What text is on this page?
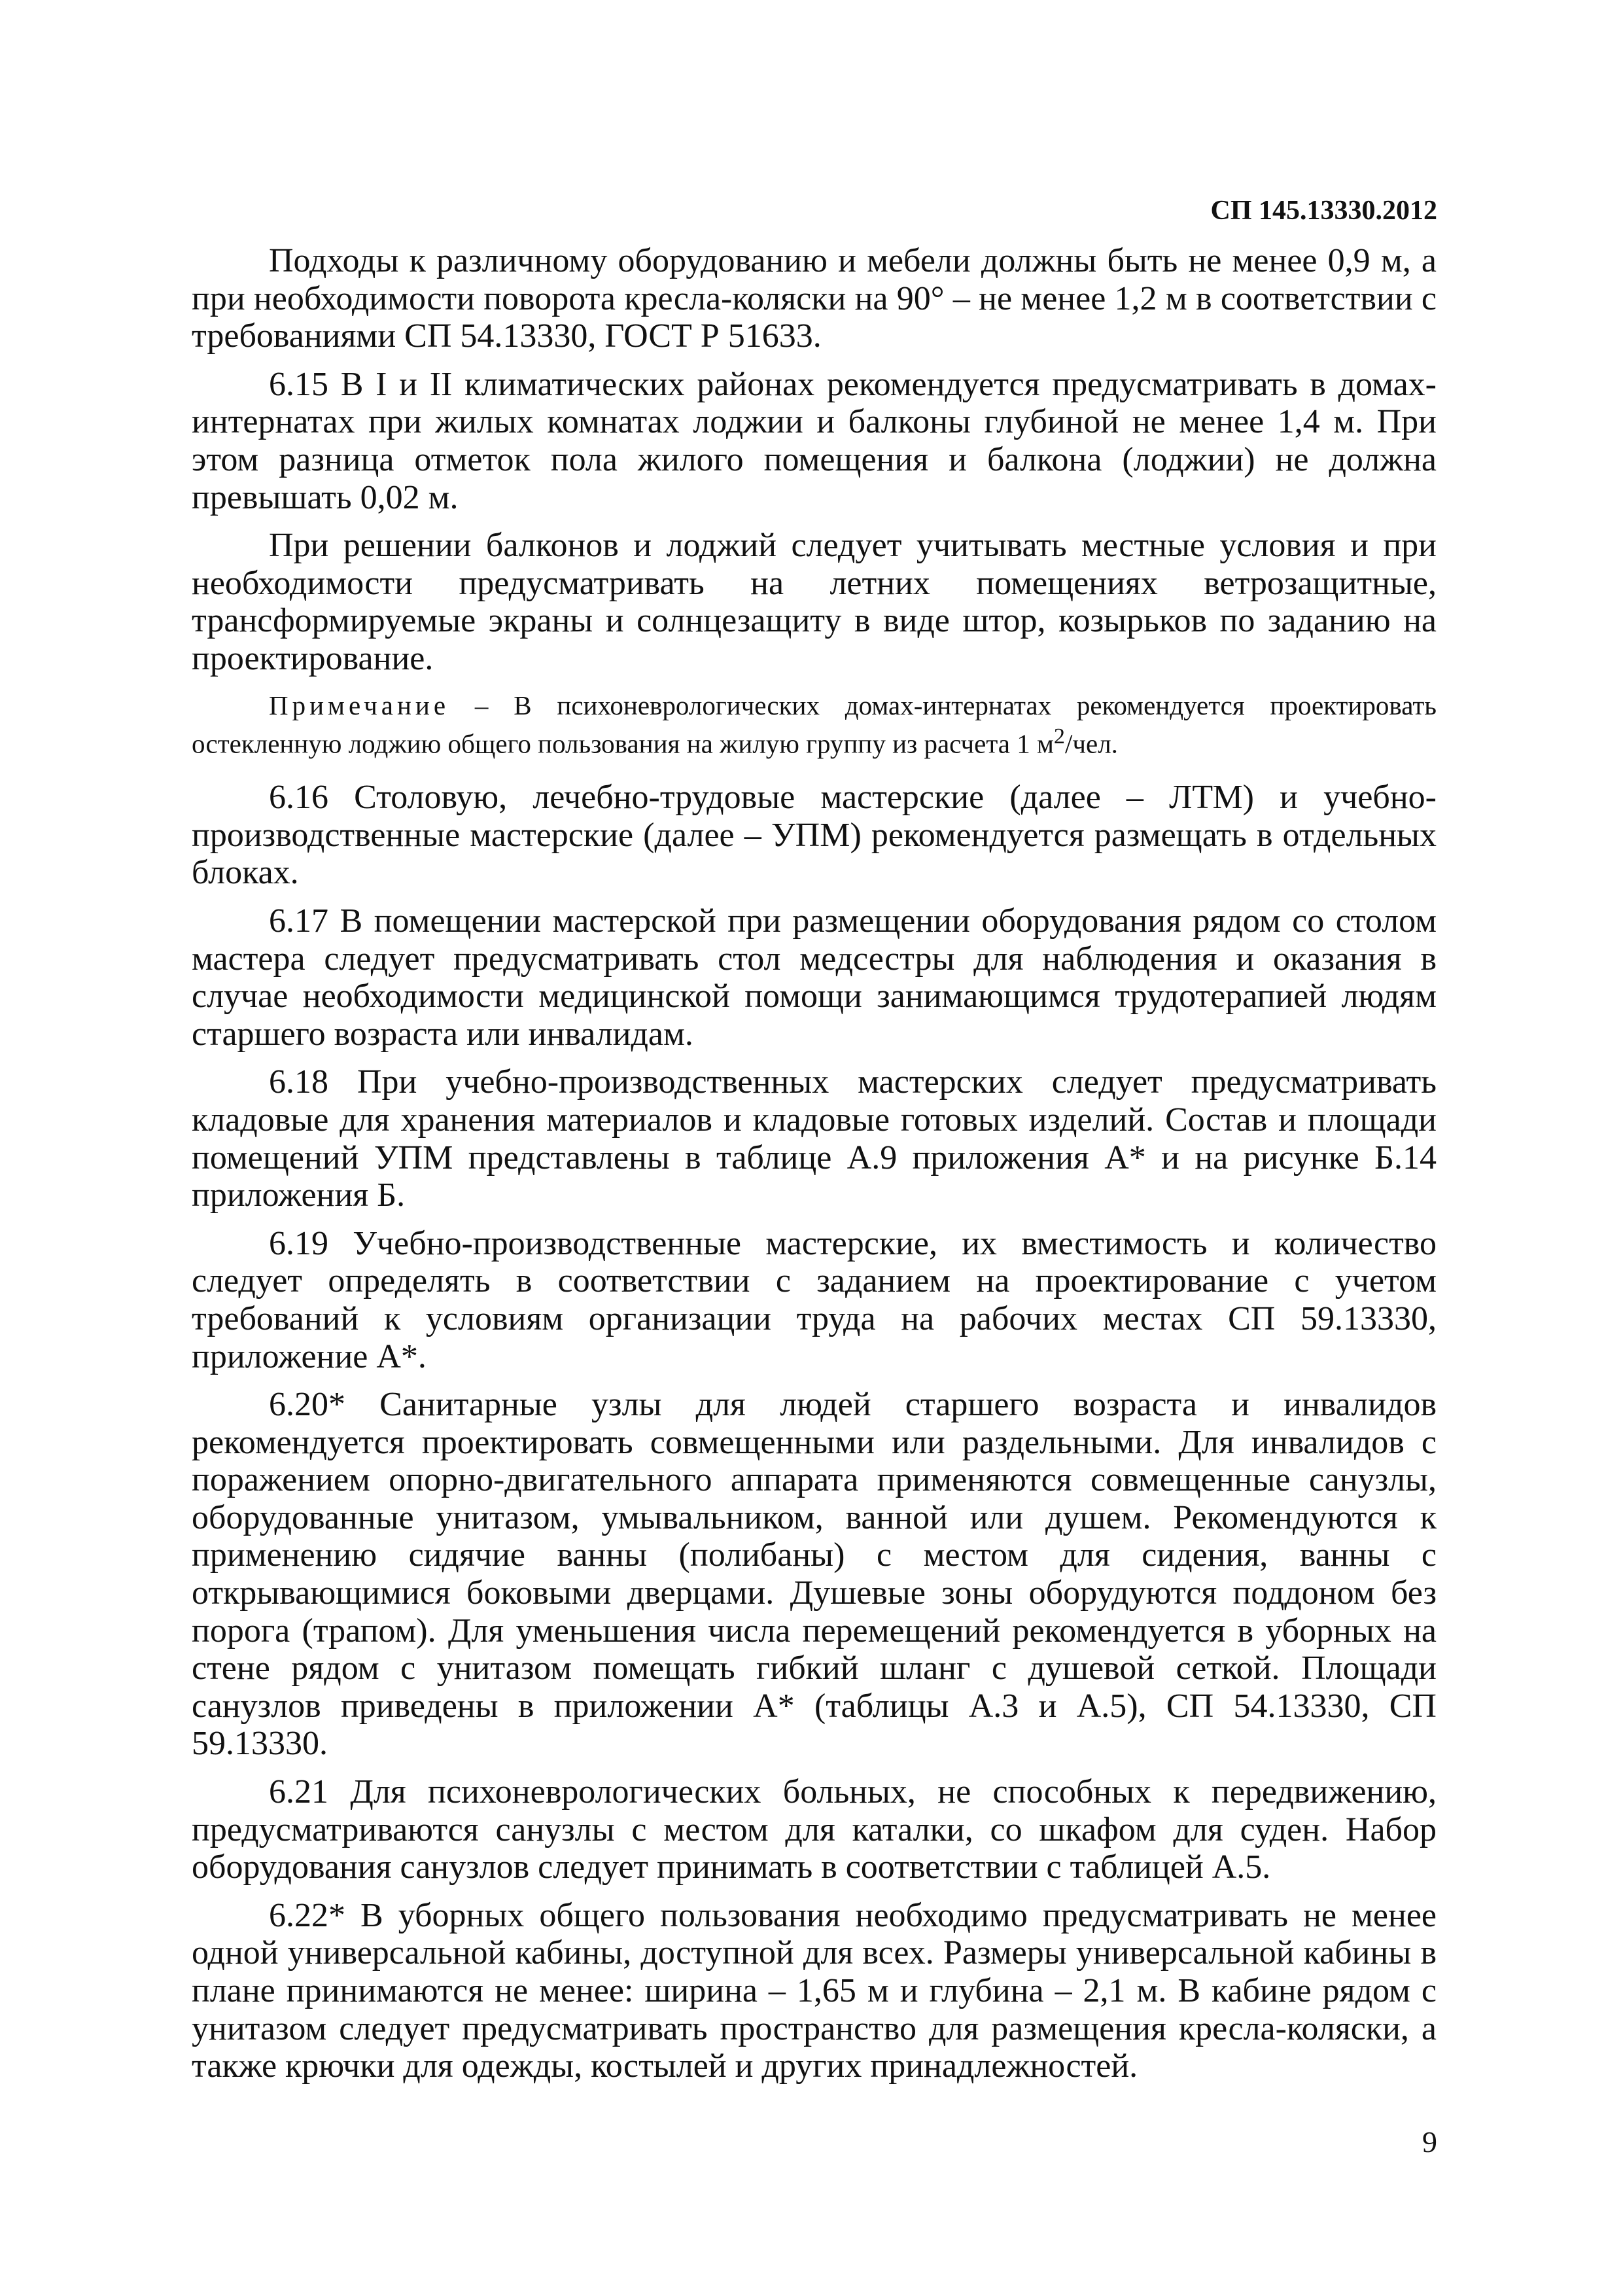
СП 145.13330.2012

Подходы к различному оборудованию и мебели должны быть не менее 0,9 м, а при необходимости поворота кресла-коляски на 90° – не менее 1,2 м в соответствии с требованиями СП 54.13330, ГОСТ Р 51633.

6.15 В I и II климатических районах рекомендуется предусматривать в домах-интернатах при жилых комнатах лоджии и балконы глубиной не менее 1,4 м. При этом разница отметок пола жилого помещения и балкона (лоджии) не должна превышать 0,02 м.

При решении балконов и лоджий следует учитывать местные условия и при необходимости предусматривать на летних помещениях ветрозащитные, трансформируемые экраны и солнцезащиту в виде штор, козырьков по заданию на проектирование.

Примечание – В психоневрологических домах-интернатах рекомендуется проектировать остекленную лоджию общего пользования на жилую группу из расчета 1 $м^2$/чел.

6.16 Столовую, лечебно-трудовые мастерские (далее – ЛТМ) и учебно-производственные мастерские (далее – УПМ) рекомендуется размещать в отдельных блоках.

6.17 В помещении мастерской при размещении оборудования рядом со столом мастера следует предусматривать стол медсестры для наблюдения и оказания в случае необходимости медицинской помощи занимающимся трудотерапией людям старшего возраста или инвалидам.

6.18 При учебно-производственных мастерских следует предусматривать кладовые для хранения материалов и кладовые готовых изделий. Состав и площади помещений УПМ представлены в таблице А.9 приложения А* и на рисунке Б.14 приложения Б.

6.19 Учебно-производственные мастерские, их вместимость и количество следует определять в соответствии с заданием на проектирование с учетом требований к условиям организации труда на рабочих местах СП 59.13330, приложение А*.

6.20* Санитарные узлы для людей старшего возраста и инвалидов рекомендуется проектировать совмещенными или раздельными. Для инвалидов с поражением опорно-двигательного аппарата применяются совмещенные санузлы, оборудованные унитазом, умывальником, ванной или душем. Рекомендуются к применению сидячие ванны (полибаны) с местом для сидения, ванны с открывающимися боковыми дверцами. Душевые зоны оборудуются поддоном без порога (трапом). Для уменьшения числа перемещений рекомендуется в уборных на стене рядом с унитазом помещать гибкий шланг с душевой сеткой. Площади санузлов приведены в приложении А* (таблицы А.3 и А.5), СП 54.13330, СП 59.13330.

6.21 Для психоневрологических больных, не способных к передвижению, предусматриваются санузлы с местом для каталки, со шкафом для суден. Набор оборудования санузлов следует принимать в соответствии с таблицей А.5.

6.22* В уборных общего пользования необходимо предусматривать не менее одной универсальной кабины, доступной для всех. Размеры универсальной кабины в плане принимаются не менее: ширина – 1,65 м и глубина – 2,1 м. В кабине рядом с унитазом следует предусматривать пространство для размещения кресла-коляски, а также крючки для одежды, костылей и других принадлежностей.

9
